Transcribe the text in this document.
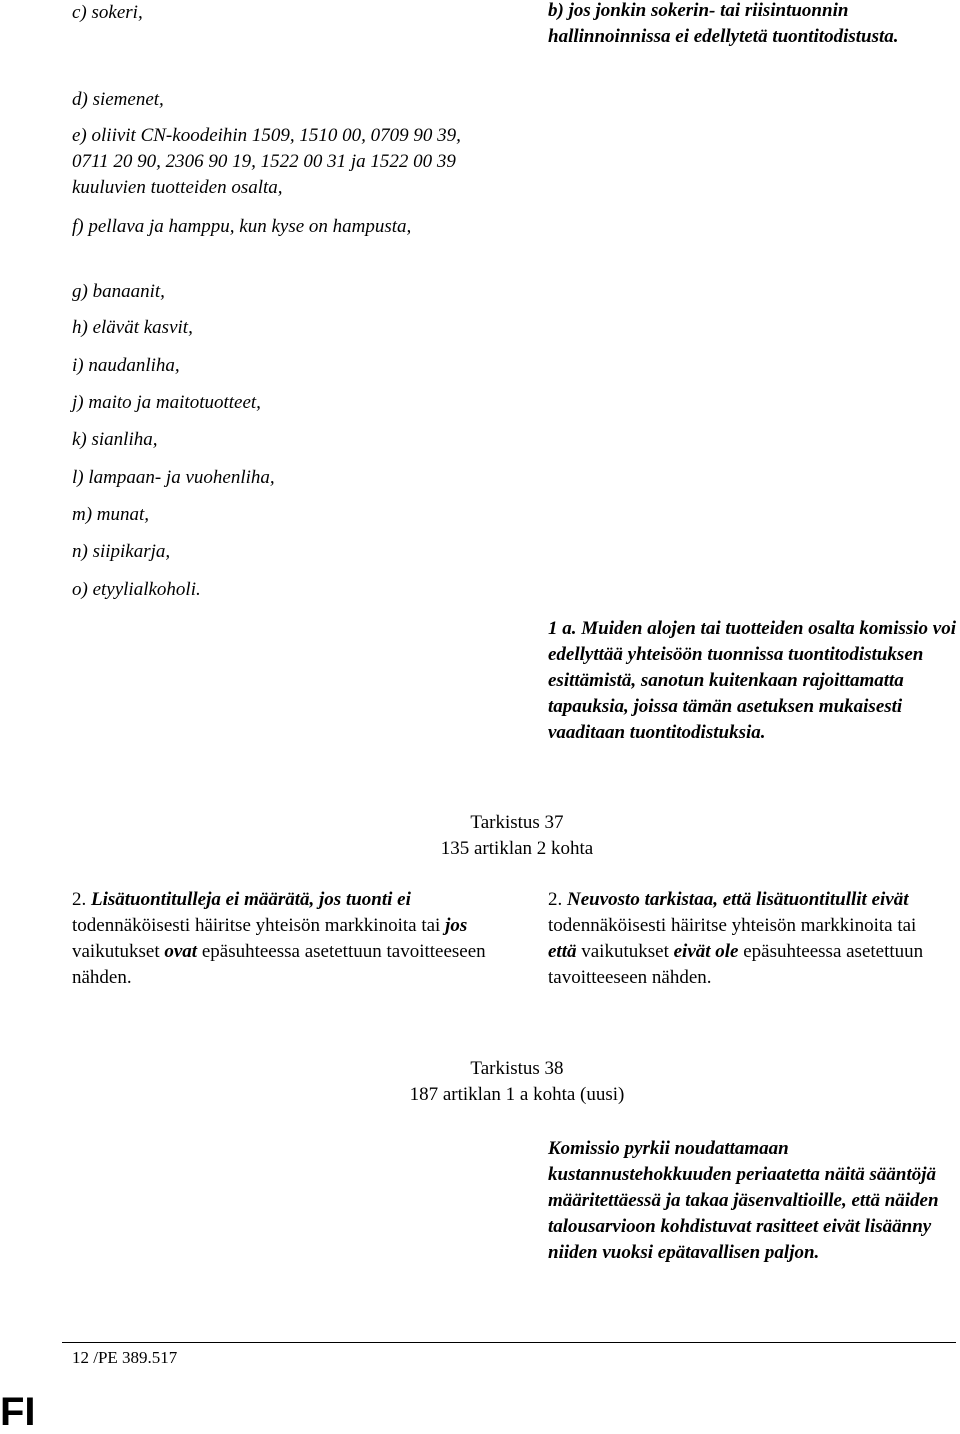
c) sokeri,
d) siemenet,
e) oliivit CN-koodeihin 1509, 1510 00, 0709 90 39, 0711 20 90, 2306 90 19, 1522 00 31 ja 1522 00 39 kuuluvien tuotteiden osalta,
f) pellava ja hamppu, kun kyse on hampusta,
g) banaanit,
h) elävät kasvit,
i) naudanliha,
j) maito ja maitotuotteet,
k) sianliha,
l) lampaan- ja vuohenliha,
m) munat,
n) siipikarja,
o) etyylialkoholi.
b) jos jonkin sokerin- tai riisintuonnin hallinnoinnissa ei edellytetä tuontitodistusta.
1 a. Muiden alojen tai tuotteiden osalta komissio voi edellyttää yhteisöön tuonnissa tuontitodistuksen esittämistä, sanotun kuitenkaan rajoittamatta tapauksia, joissa tämän asetuksen mukaisesti vaaditaan tuontitodistuksia.
Tarkistus 37
135 artiklan 2 kohta
2. Lisätuontitulleja ei määrätä, jos tuonti ei todennäköisesti häiritse yhteisön markkinoita tai jos vaikutukset ovat epäsuhteessa asetettuun tavoitteeseen nähden.
2. Neuvosto tarkistaa, että lisätuontitullit eivät todennäköisesti häiritse yhteisön markkinoita tai että vaikutukset eivät ole epäsuhteessa asetettuun tavoitteeseen nähden.
Tarkistus 38
187 artiklan 1 a kohta (uusi)
Komissio pyrkii noudattamaan kustannustehokkuuden periaatetta näitä sääntöjä määritettäessä ja takaa jäsenvaltioille, että näiden talousarvioon kohdistuvat rasitteet eivät lisäänny niiden vuoksi epätavallisen paljon.
12 /PE 389.517
FI
